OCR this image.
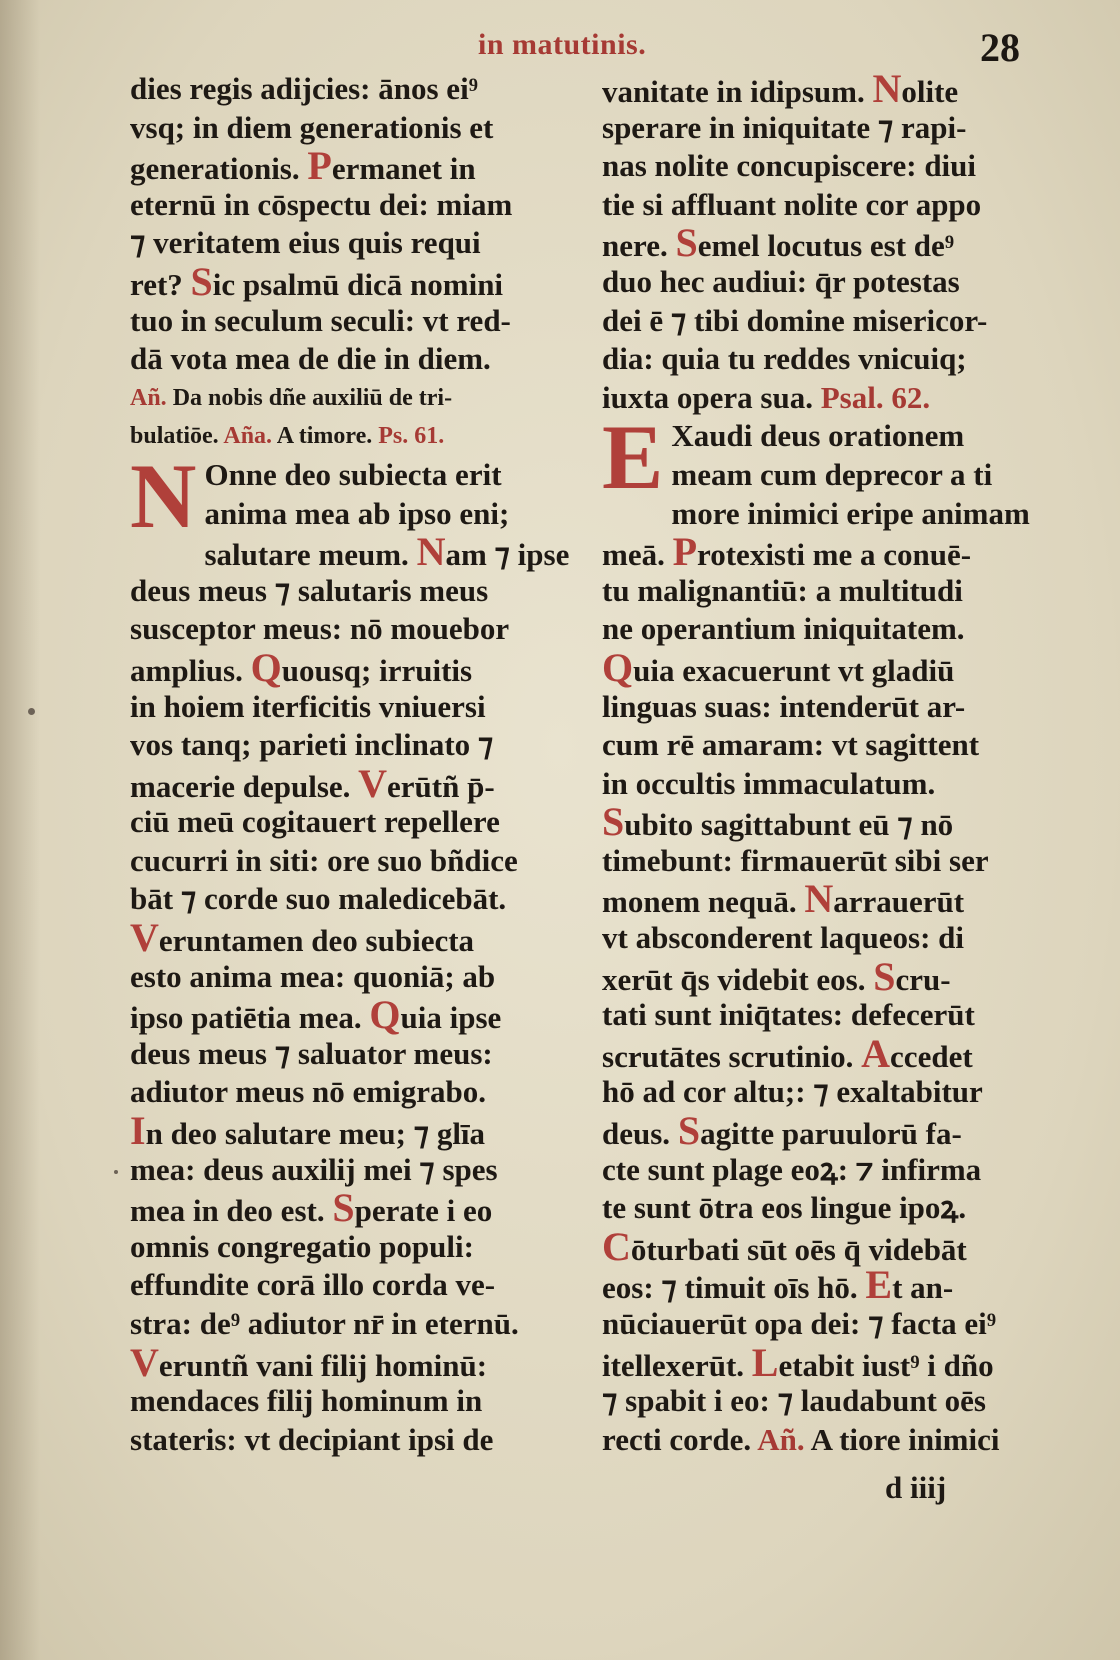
in matutinis.	28
dies regis adijcies: ānos ei⁹
vsq; in diem generationis et
generationis. Permanet in
eternū in cōspectu dei: miam
⁊ veritatem eius quis requi
ret? Sic psalmū dicā nomini
tuo in seculum seculi: vt red-
dā vota mea de die in diem.
Añ. Da nobis dñe auxiliū de tri-
bulatiōe. Aña. A timore. Ps. 61.
N Onne deo subiecta erit
anima mea ab ipso eni;
salutare meum. Nam ⁊ ipse
deus meus ⁊ salutaris meus
susceptor meus: nō mouebor
amplius. Quousq; irruitis
in hoiem iterficitis vniuersi
vos tanq; parieti inclinato ⁊
macerie depulse. Verūtñ p̄-
ciū meū cogitauert repellere
cucurri in siti: ore suo bñdice
bāt ⁊ corde suo maledicebāt.
Veruntamen deo subiecta
esto anima mea: quoniā; ab
ipso patiētia mea. Quia ipse
deus meus ⁊ saluator meus:
adiutor meus nō emigrabo.
In deo salutare meu; ⁊ glīa
mea: deus auxilij mei ⁊ spes
mea in deo est. Sperate i eo
omnis congregatio populi:
effundite corā illo corda ve-
stra: de⁹ adiutor nr̄ in eternū.
Veruntñ vani filij hominū:
mendaces filij hominum in
stateris: vt decipiant ipsi de
vanitate in idipsum. Nolite
sperare in iniquitate ⁊ rapi-
nas nolite concupiscere: diui
tie si affluant nolite cor appo
nere. Semel locutus est de⁹
duo hec audiui: q̄r potestas
dei ē ⁊ tibi domine misericor-
dia: quia tu reddes vnicuiq;
iuxta opera sua. Psal. 62.
E Xaudi deus orationem
meam cum deprecor a ti
more inimici eripe animam
meā. Protexisti me a conuē-
tu malignantiū: a multitudi
ne operantium iniquitatem.
Quia exacuerunt vt gladiū
linguas suas: intenderūt ar-
cum rē amaram: vt sagittent
in occultis immaculatum.
Subito sagittabunt eū ⁊ nō
timebunt: firmauerūt sibi ser
monem nequā. Narrauerūt
vt absconderent laqueos: di
xerūt q̄s videbit eos. Scru-
tati sunt iniq̄tates: defecerūt
scrutātes scrutinio. Accedet
hō ad cor altu;: ⁊ exaltabitur
deus. Sagitte paruulorū fa-
cte sunt plage eoꝝ: ⁊ infirma
te sunt ōtra eos lingue ipoꝝ.
Cōturbati sūt oēs q̄ videbāt
eos: ⁊ timuit oīs hō. Et an-
nūciauerūt opa dei: ⁊ facta ei⁹
itellexerūt. Letabit iust⁹ i dño
⁊ spabit i eo: ⁊ laudabunt oēs
recti corde. Añ. A tiore inimici
d iiij
